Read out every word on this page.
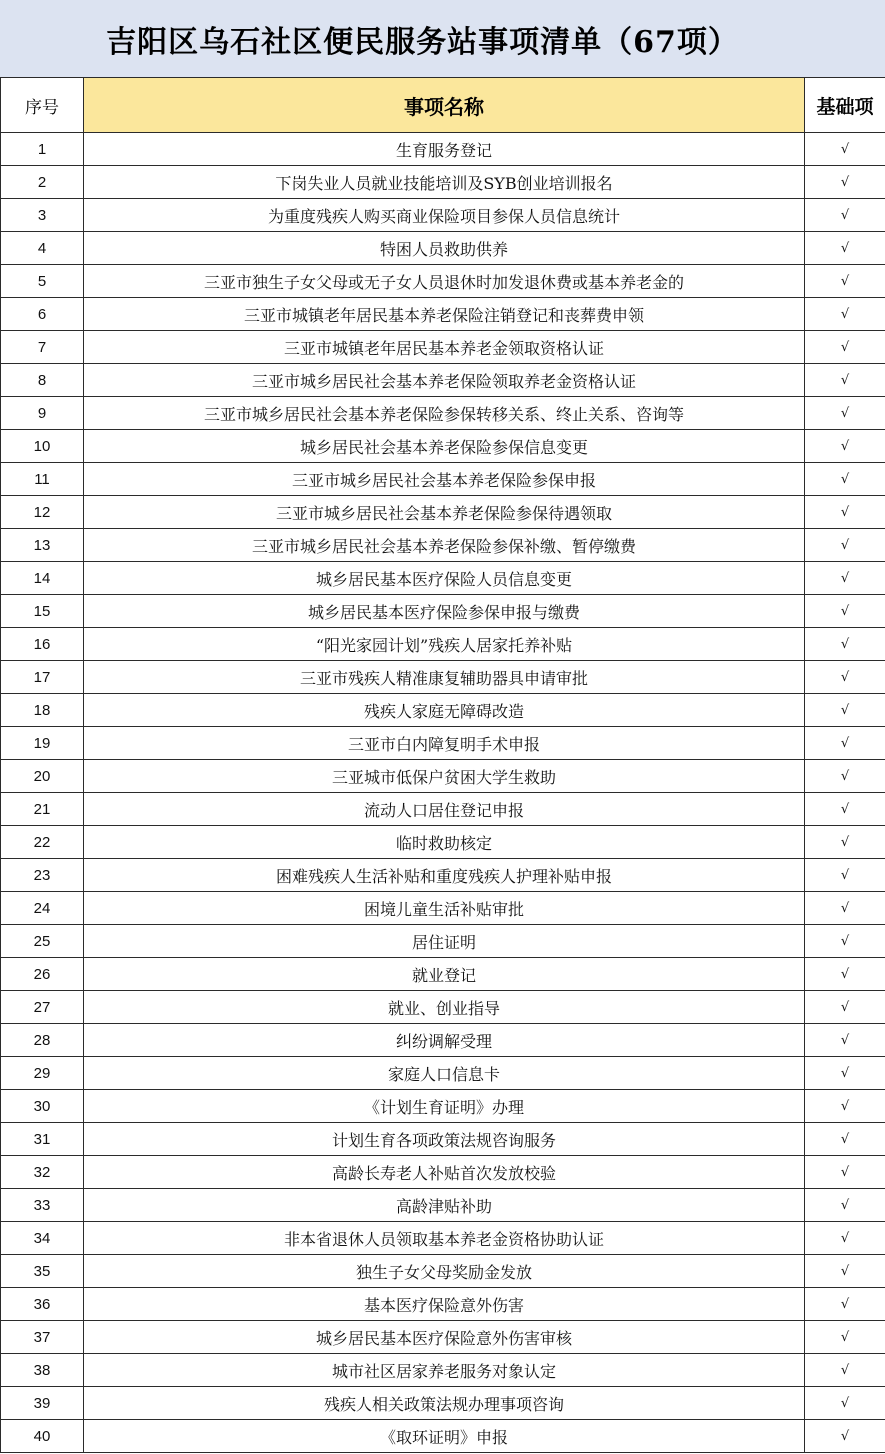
吉阳区乌石社区便民服务站事项清单（67项）
序号	事项名称	基础项
1	生育服务登记	√
2	下岗失业人员就业技能培训及SYB创业培训报名	√
3	为重度残疾人购买商业保险项目参保人员信息统计	√
4	特困人员救助供养	√
5	三亚市独生子女父母或无子女人员退休时加发退休费或基本养老金的	√
6	三亚市城镇老年居民基本养老保险注销登记和丧葬费申领	√
7	三亚市城镇老年居民基本养老金领取资格认证	√
8	三亚市城乡居民社会基本养老保险领取养老金资格认证	√
9	三亚市城乡居民社会基本养老保险参保转移关系、终止关系、咨询等	√
10	城乡居民社会基本养老保险参保信息变更	√
11	三亚市城乡居民社会基本养老保险参保申报	√
12	三亚市城乡居民社会基本养老保险参保待遇领取	√
13	三亚市城乡居民社会基本养老保险参保补缴、暂停缴费	√
14	城乡居民基本医疗保险人员信息变更	√
15	城乡居民基本医疗保险参保申报与缴费	√
16	“阳光家园计划”残疾人居家托养补贴	√
17	三亚市残疾人精准康复辅助器具申请审批	√
18	残疾人家庭无障碍改造	√
19	三亚市白内障复明手术申报	√
20	三亚城市低保户贫困大学生救助	√
21	流动人口居住登记申报	√
22	临时救助核定	√
23	困难残疾人生活补贴和重度残疾人护理补贴申报	√
24	困境儿童生活补贴审批	√
25	居住证明	√
26	就业登记	√
27	就业、创业指导	√
28	纠纷调解受理	√
29	家庭人口信息卡	√
30	《计划生育证明》办理	√
31	计划生育各项政策法规咨询服务	√
32	高龄长寿老人补贴首次发放校验	√
33	高龄津贴补助	√
34	非本省退休人员领取基本养老金资格协助认证	√
35	独生子女父母奖励金发放	√
36	基本医疗保险意外伤害	√
37	城乡居民基本医疗保险意外伤害审核	√
38	城市社区居家养老服务对象认定	√
39	残疾人相关政策法规办理事项咨询	√
40	《取环证明》申报	√
